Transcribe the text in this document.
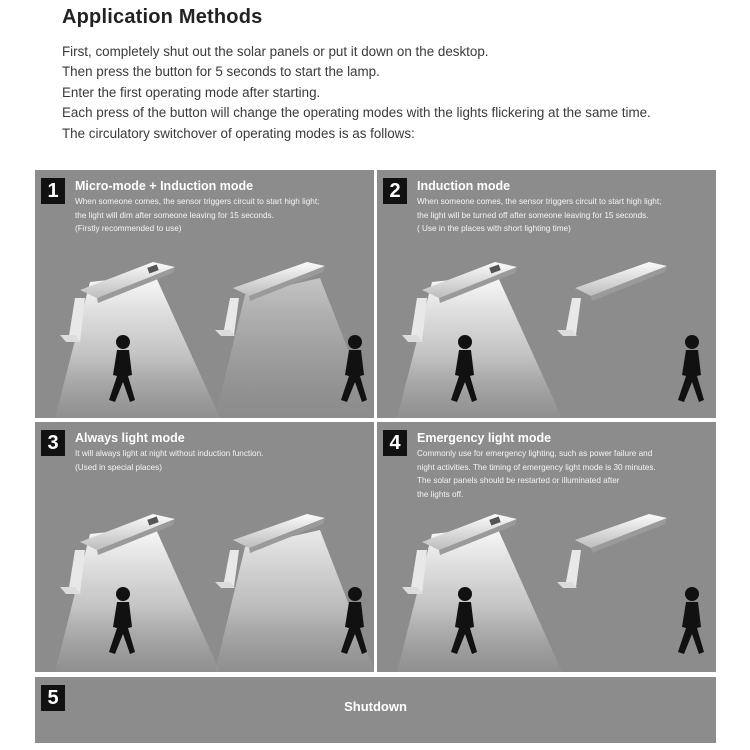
Application Methods

First, completely shut out the solar panels or put it down on the desktop.

Then press the button for 5 seconds to start the lamp.

Enter the first operating mode after starting.

Each press of the button will change the operating modes with the lights flickering at the same time.

The circulatory switchover of operating modes is as follows:

1	Micro-mode + Induction mode
When someone comes, the sensor triggers circuit to start high light;
the light will dim after someone leaving for 15 seconds.
(Firstly recommended to use)
2	Induction mode
When someone comes, the sensor triggers circuit to start high light;
the light will be turned off after someone leaving for 15 seconds.
( Use in the places with short lighting time)
3	Always light mode
It will always light at night without induction function.
(Used in special places)
4	Emergency light mode
Commonly use for emergency lighting, such as power failure and
night activities. The timing of emergency light mode is 30 minutes.
The solar panels should be restarted or illuminated after
the lights off.
5	Shutdown
